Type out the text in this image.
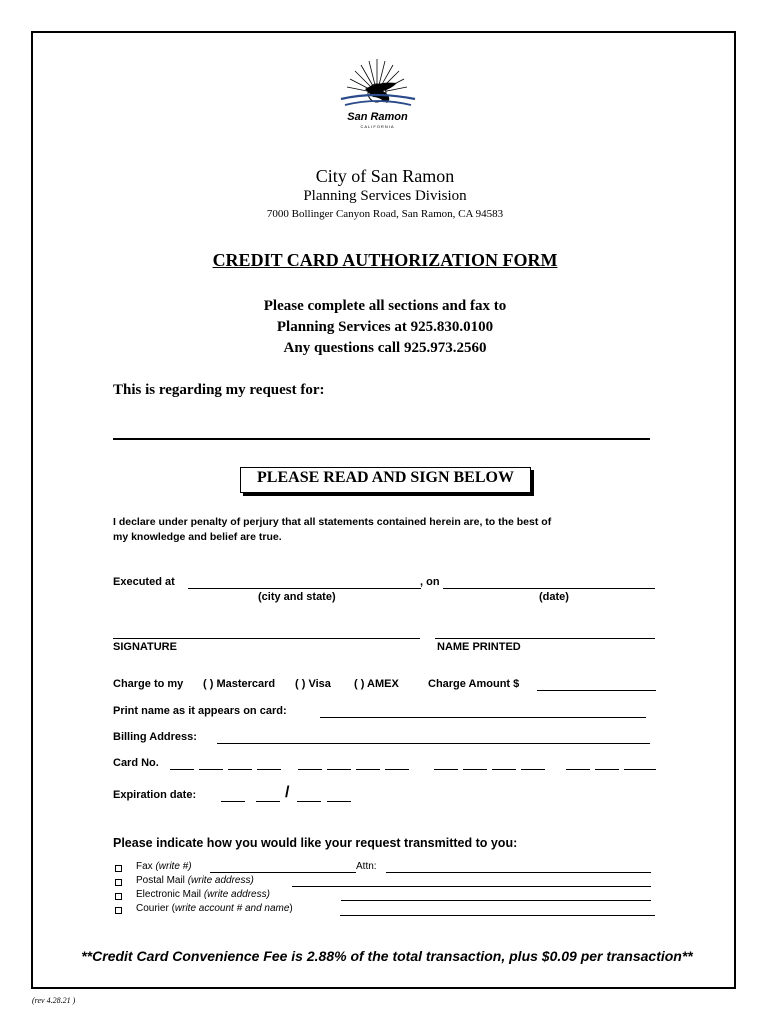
San Ramon
CALIFORNIA
City of San Ramon
Planning Services Division
7000 Bollinger Canyon Road, San Ramon, CA 94583
CREDIT CARD AUTHORIZATION FORM
Please complete all sections and fax to
Planning Services at 925.830.0100
Any questions call 925.973.2560
This is regarding my request for:
PLEASE READ AND SIGN BELOW
I declare under penalty of perjury that all statements contained herein are, to the best of
my knowledge and belief are true.
Executed at	, on
(city and state)	(date)
SIGNATURE	NAME PRINTED
Charge to my ( ) Mastercard ( ) Visa ( ) AMEX	Charge Amount $
Print name as it appears on card:
Billing Address:
Card No.
Expiration date:	/
Please indicate how you would like your request transmitted to you:
Fax (write #)	Attn:
Postal Mail (write address)
Electronic Mail (write address)
Courier (write account # and name)
**Credit Card Convenience Fee is 2.88% of the total transaction, plus $0.09 per transaction**
(rev 4.28.21 )
